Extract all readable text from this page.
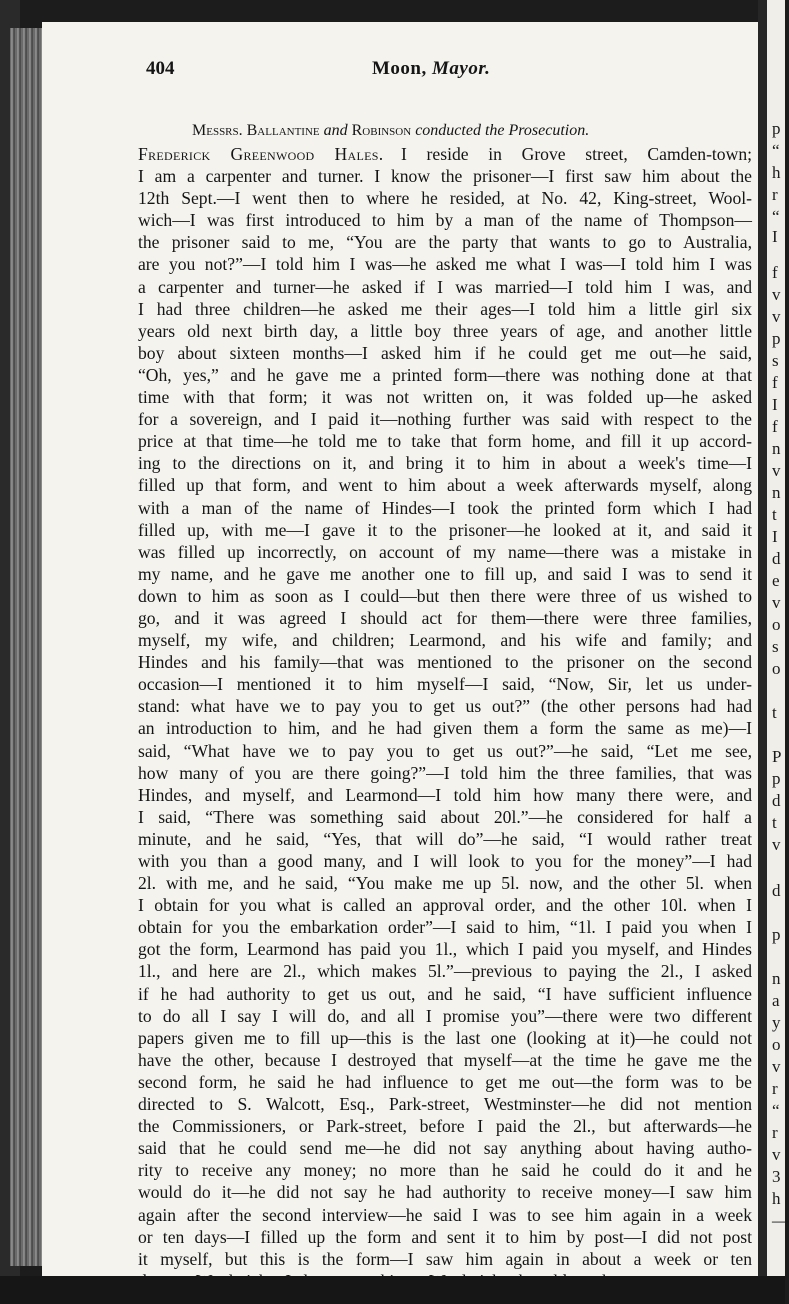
404	Moon, Mayor.
Messrs. Ballantine and Robinson conducted the Prosecution.
Frederick Greenwood Hales.  I reside in Grove street, Camden-town;
I am a carpenter and turner. I know the prisoner—I first saw him about the
12th Sept.—I went then to where he resided, at No. 42, King-street, Wool-
wich—I was first introduced to him by a man of the name of Thompson—
the prisoner said to me, “You are the party that wants to go to Australia,
are you not?”—I told him I was—he asked me what I was—I told him I was
a carpenter and turner—he asked if I was married—I told him I was, and
I had three children—he asked me their ages—I told him a little girl six
years old next birth day, a little boy three years of age, and another little
boy about sixteen months—I asked him if he could get me out—he said,
“Oh, yes,” and he gave me a printed form—there was nothing done at that
time with that form; it was not written on, it was folded up—he asked
for a sovereign, and I paid it—nothing further was said with respect to the
price at that time—he told me to take that form home, and fill it up accord-
ing to the directions on it, and bring it to him in about a week's time—I
filled up that form, and went to him about a week afterwards myself, along
with a man of the name of Hindes—I took the printed form which I had
filled up, with me—I gave it to the prisoner—he looked at it, and said it
was filled up incorrectly, on account of my name—there was a mistake in
my name, and he gave me another one to fill up, and said I was to send it
down to him as soon as I could—but then there were three of us wished to
go, and it was agreed I should act for them—there were three families,
myself, my wife, and children; Learmond, and his wife and family; and
Hindes and his family—that was mentioned to the prisoner on the second
occasion—I mentioned it to him myself—I said, “Now, Sir, let us under-
stand: what have we to pay you to get us out?” (the other persons had had
an introduction to him, and he had given them a form the same as me)—I
said, “What have we to pay you to get us out?”—he said, “Let me see,
how many of you are there going?”—I told him the three families, that was
Hindes, and myself, and Learmond—I told him how many there were, and
I said, “There was something said about 20l.”—he considered for half a
minute, and he said, “Yes, that will do”—he said, “I would rather treat
with you than a good many, and I will look to you for the money”—I had
2l. with me, and he said, “You make me up 5l. now, and the other 5l. when
I obtain for you what is called an approval order, and the other 10l. when I
obtain for you the embarkation order”—I said to him, “1l. I paid you when I
got the form, Learmond has paid you 1l., which I paid you myself, and Hindes
1l., and here are 2l., which makes 5l.”—previous to paying the 2l., I asked
if he had authority to get us out, and he said, “I have sufficient influence
to do all I say I will do, and all I promise you”—there were two different
papers given me to fill up—this is the last one (looking at it)—he could not
have the other, because I destroyed that myself—at the time he gave me the
second form, he said he had influence to get me out—the form was to be
directed to S. Walcott, Esq., Park-street, Westminster—he did not mention
the Commissioners, or Park-street, before I paid the 2l., but afterwards—he
said that he could send me—he did not say anything about having autho-
rity to receive any money; no more than he said he could do it and he
would do it—he did not say he had authority to receive money—I saw him
again after the second interview—he said I was to see him again in a week
or ten days—I filled up the form and sent it to him by post—I did not post
it myself, but this is the form—I saw him again in about a week or ten
p
“
h
r
“
I
f
v
v
p
s
f
I
f
n
v
n
t
I
d
e
v
o
s
o
t
P
p
d
t
v
d
p
n
a
y
o
v
r
“
r
v
3
h
—
